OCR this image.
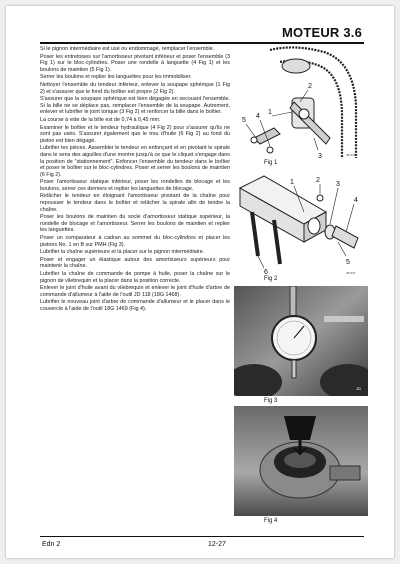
MOTEUR 3.6

Si le pignon intermédiaire est usé ou endommagé, remplacer l'ensemble.

Poser les entretoises sur l'amortisseur pivotant inférieur et poser l'ensemble (3 Fig 1) sur le bloc-cylindres. Poser une rondelle à languette (4 Fig 1) et les boulons de maintien (5 Fig 1).

Serrer les boulons et replier les languettes pour les immobiliser.

Nettoyer l'ensemble du tendeur inférieur, enlever la soupape sphérique (1 Fig 2) et s'assurer que le fond du boîtier est propre (2 Fig 2).

S'assurer que la soupape sphérique est bien dégagée en secouant l'ensemble. Si la bille ne se déplace pas, remplacer l'ensemble de la soupape. Autrement, enlever et lubrifier le joint torique (3 Fig 2) et renforcer la bille dans le boîtier.

La course à vide de la bille est de 0,74 à 0,45 mm.

Examiner le boîtier et le tendeur hydraulique (4 Fig 2) pour s'assurer qu'ils ne sont pas usés. S'assurer également que le trou d'huile (6 Fig 2) au fond du piston est bien dégagé.

Lubrifier les pièces. Assembler le tendeur en enfonçant et en pivotant le spirale dans le sens des aiguilles d'une montre jusqu'à ce que le cliquet s'engage dans la position de "stationnement". Enfoncer l'ensemble du tendeur dans le boîtier et poser le boîtier sur le bloc-cylindres. Poser et serrer les boulons de maintien (6 Fig 2).

Poser l'amortisseur statique inférieur, poser les rondelles de blocage et les boulons, serrer ces derniers et replier les languettes de blocage.

Relâcher le tendeur en éloignant l'amortisseur pivotant de la chaîne pour repousser le tendeur dans le boîtier et relâcher la spirale afin de tendre la chaîne.

Poser les boulons de maintien du socle d'amortisseur statique supérieur, la rondelle de blocage et l'amortisseur. Serrer les boulons de maintien et replier les languettes.

Poser un comparateur à cadran au sommet du bloc-cylindres et placer les pistons No. 1 en B sur PMH (Fig 3).

Lubrifier la chaîne supérieure et la placer sur le pignon intermédiaire.

Poser et engager un élastique autour des amortisseurs supérieurs pour maintenir la chaîne.

Lubrifier la chaîne de commande de pompe à huile, poser la chaîne sur le pignon de vilebrequin et la placer dans la position correcte.

Enlever le joint d'huile avant du vilebrequin et enlever le joint d'huile d'arbre de commande d'allumeur à l'aide de l'outil JD 118 (18G 1468).

Lubrifier le nouveau joint d'arbre de commande d'allumeur et le placer dans le couvercle à l'aide de l'outil 18G 1469 (Fig 4).

5
4
1
2
3	JD 046
Fig 1
1	2
3
4
5
6	JD 047
Fig 2
JD
Fig 3
Fig 4
Edn 2	12-27
